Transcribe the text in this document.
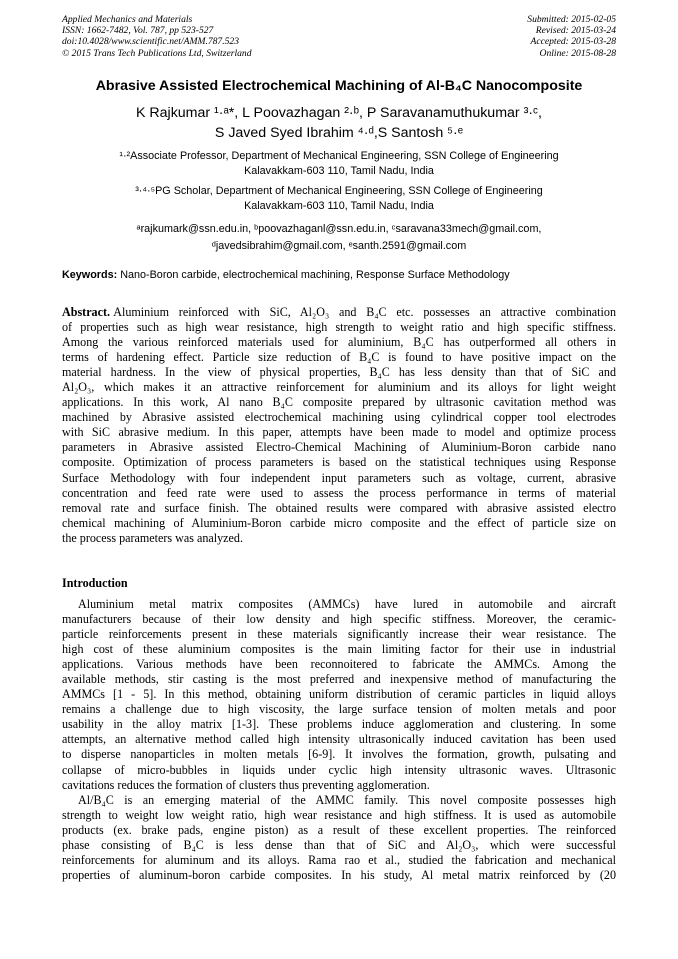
Applied Mechanics and Materials
ISSN: 1662-7482, Vol. 787, pp 523-527
doi:10.4028/www.scientific.net/AMM.787.523
© 2015 Trans Tech Publications Ltd, Switzerland
Submitted: 2015-02-05
Revised: 2015-03-24
Accepted: 2015-03-28
Online: 2015-08-28
Abrasive Assisted Electrochemical Machining of Al-B₄C Nanocomposite
K Rajkumar ¹·ᵃ*, L Poovazhagan ²·ᵇ, P Saravanamuthukumar ³·ᶜ,
S Javed Syed Ibrahim ⁴·ᵈ,S Santosh ⁵·ᵉ
¹·²Associate Professor, Department of Mechanical Engineering, SSN College of Engineering
Kalavakkam-603 110, Tamil Nadu, India
³·⁴·⁵PG Scholar, Department of Mechanical Engineering, SSN College of Engineering
Kalavakkam-603 110, Tamil Nadu, India
ᵃrajkumark@ssn.edu.in, ᵇpoovazhaganl@ssn.edu.in, ᶜsaravana33mech@gmail.com,
ᵈjavedsibrahim@gmail.com, ᵉsanth.2591@gmail.com
Keywords: Nano-Boron carbide, electrochemical machining, Response Surface Methodology
Abstract. Aluminium reinforced with SiC, Al₂O₃ and B₄C etc. possesses an attractive combination
of properties such as high wear resistance, high strength to weight ratio and high specific stiffness.
Among the various reinforced materials used for aluminium, B₄C has outperformed all others in
terms of hardening effect. Particle size reduction of B₄C is found to have positive impact on the
material hardness. In the view of physical properties, B₄C has less density than that of SiC and
Al₂O₃, which makes it an attractive reinforcement for aluminium and its alloys for light weight
applications. In this work, Al nano B₄C composite prepared by ultrasonic cavitation method was
machined by Abrasive assisted electrochemical machining using cylindrical copper tool electrodes
with SiC abrasive medium. In this paper, attempts have been made to model and optimize process
parameters in Abrasive assisted Electro-Chemical Machining of Aluminium-Boron carbide nano
composite. Optimization of process parameters is based on the statistical techniques using Response
Surface Methodology with four independent input parameters such as voltage, current, abrasive
concentration and feed rate were used to assess the process performance in terms of material
removal rate and surface finish. The obtained results were compared with abrasive assisted electro
chemical machining of Aluminium-Boron carbide micro composite and the effect of particle size on
the process parameters was analyzed.
Introduction
Aluminium metal matrix composites (AMMCs) have lured in automobile and aircraft
manufacturers because of their low density and high specific stiffness. Moreover, the ceramic-
particle reinforcements present in these materials significantly increase their wear resistance. The
high cost of these aluminium composites is the main limiting factor for their use in industrial
applications. Various methods have been reconnoitered to fabricate the AMMCs. Among the
available methods, stir casting is the most preferred and inexpensive method of manufacturing the
AMMCs [1 - 5]. In this method, obtaining uniform distribution of ceramic particles in liquid alloys
remains a challenge due to high viscosity, the large surface tension of molten metals and poor
usability in the alloy matrix [1-3]. These problems induce agglomeration and clustering. In some
attempts, an alternative method called high intensity ultrasonically induced cavitation has been used
to disperse nanoparticles in molten metals [6-9]. It involves the formation, growth, pulsating and
collapse of micro-bubbles in liquids under cyclic high intensity ultrasonic waves. Ultrasonic
cavitations reduces the formation of clusters thus preventing agglomeration.
Al/B₄C is an emerging material of the AMMC family. This novel composite possesses high
strength to weight low weight ratio, high wear resistance and high stiffness. It is used as automobile
products (ex. brake pads, engine piston) as a result of these excellent properties. The reinforced
phase consisting of B₄C is less dense than that of SiC and Al₂O₃, which were successful
reinforcements for aluminum and its alloys. Rama rao et al., studied the fabrication and mechanical
properties of aluminum-boron carbide composites. In his study, Al metal matrix reinforced by (20
